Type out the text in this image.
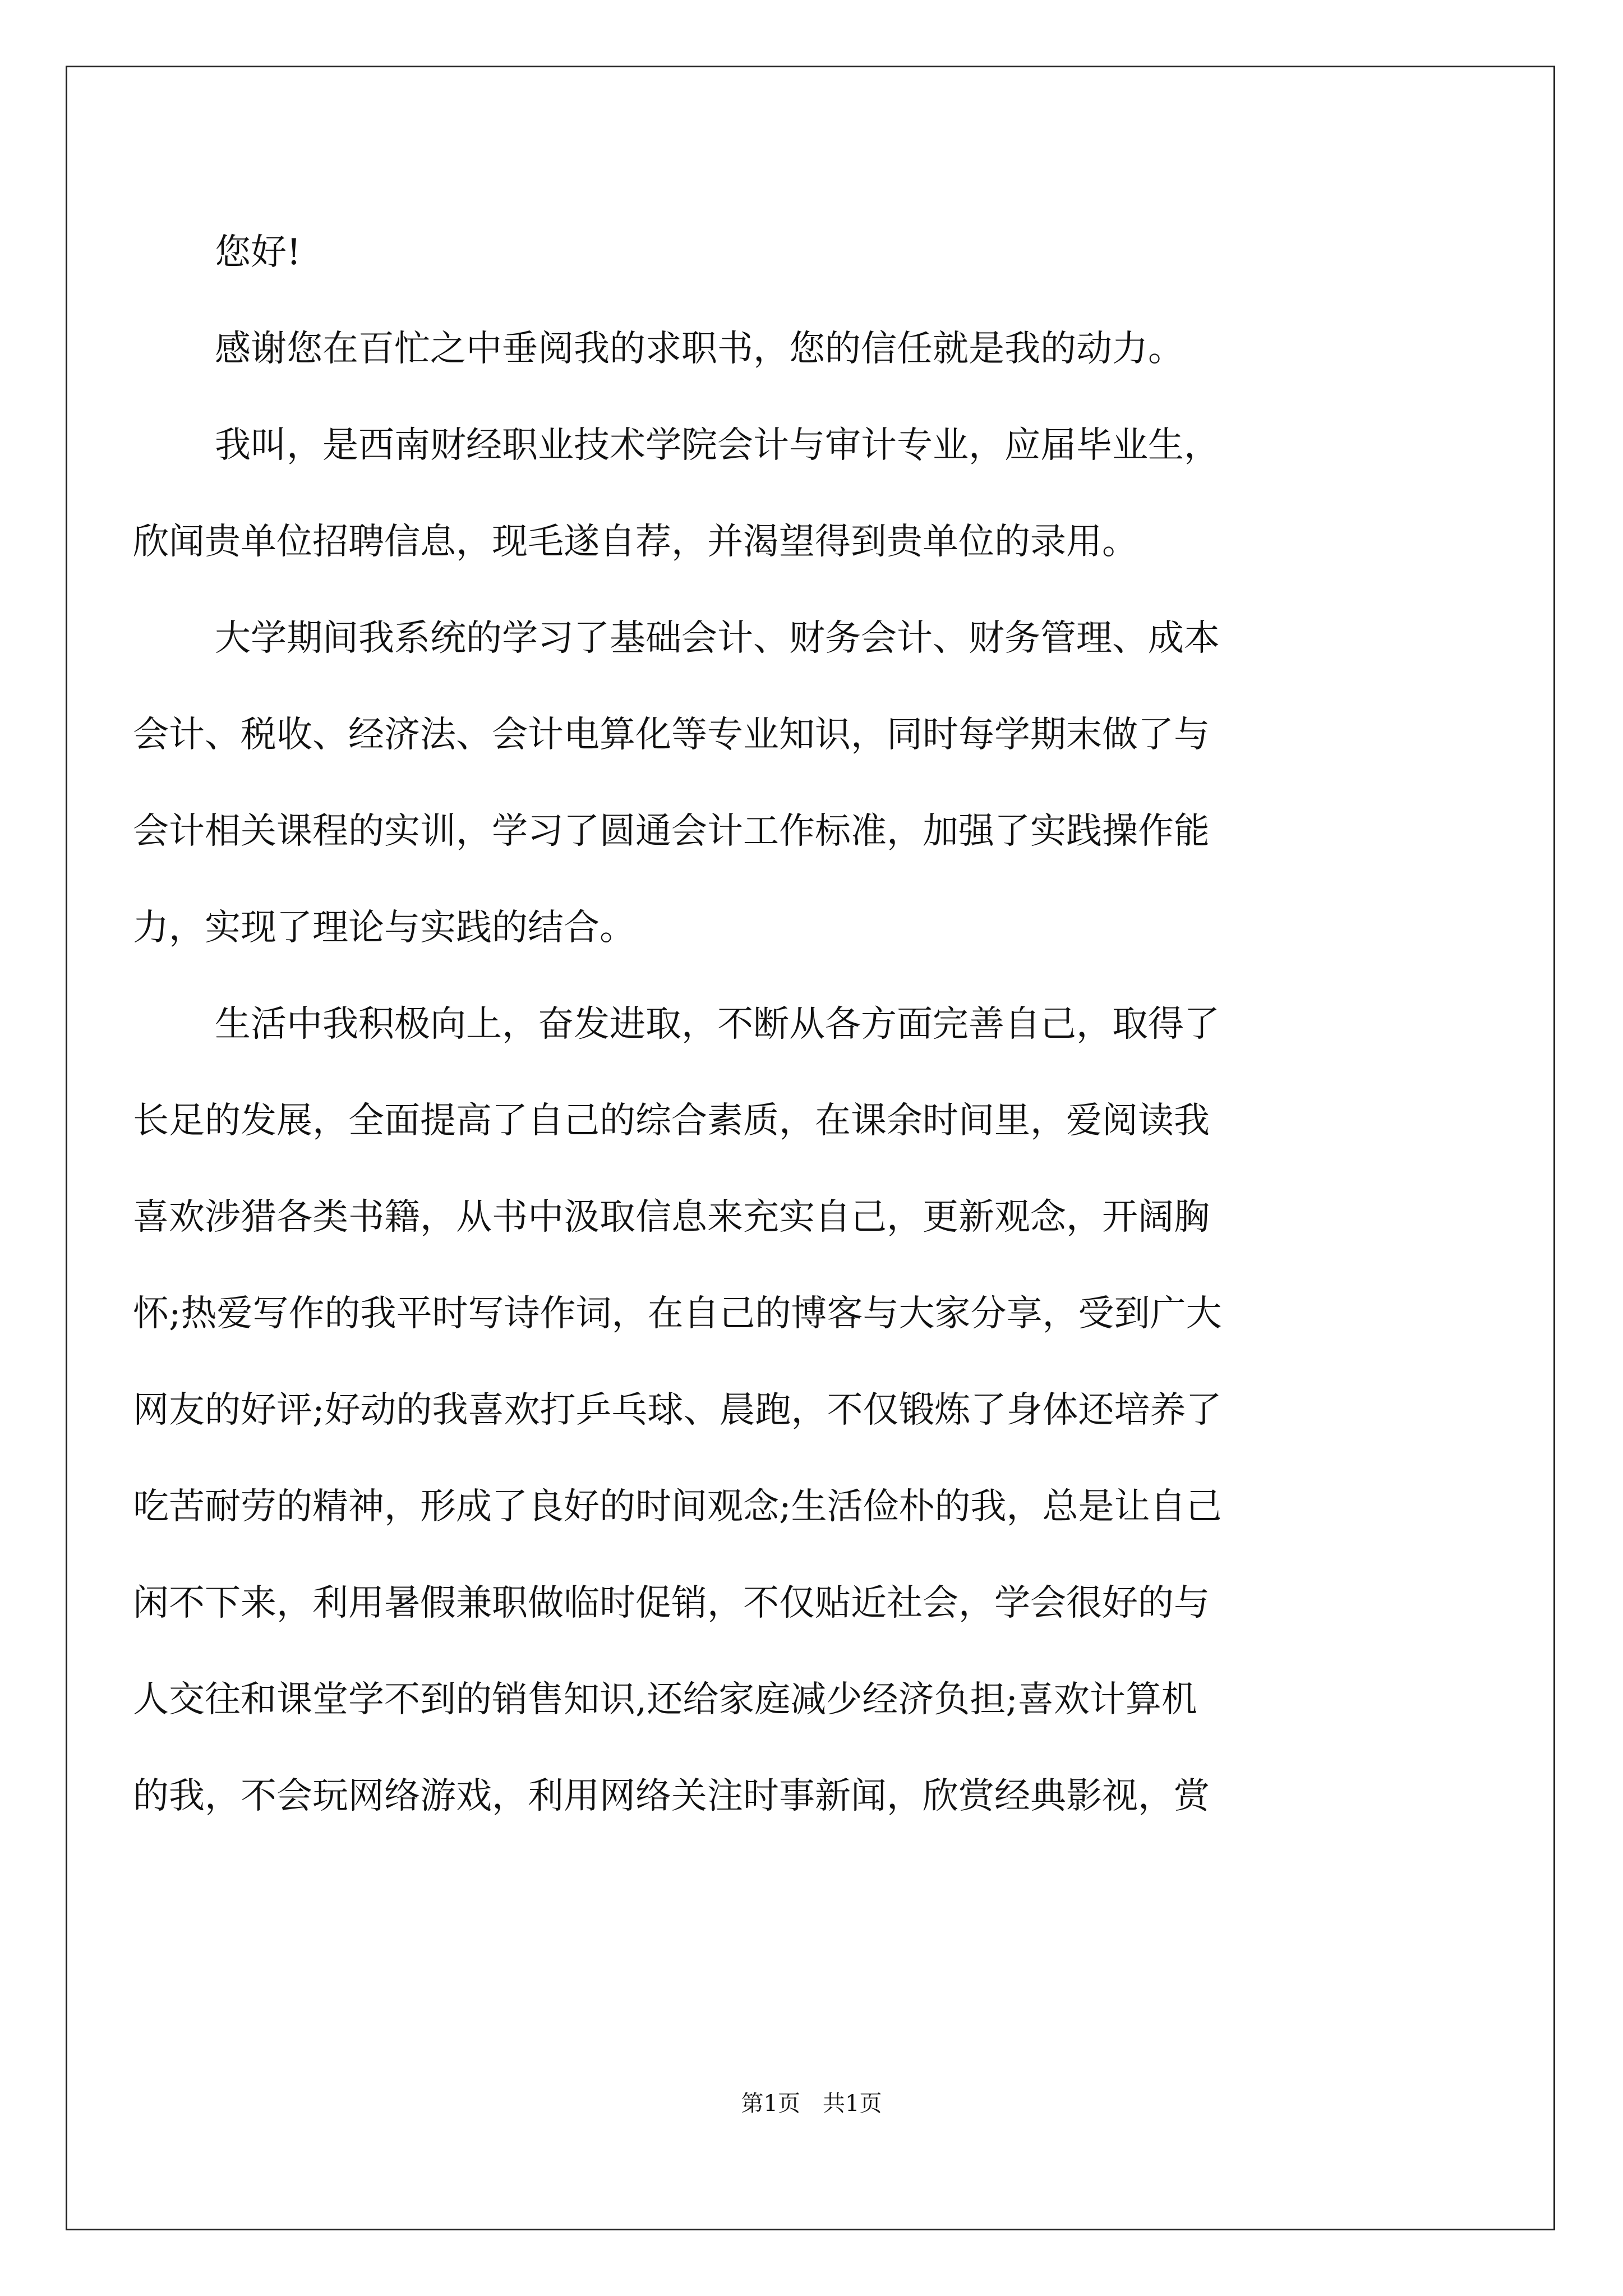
您好!
感谢您在百忙之中垂阅我的求职书，您的信任就是我的动力。
我叫，是西南财经职业技术学院会计与审计专业，应届毕业生，
欣闻贵单位招聘信息，现毛遂自荐，并渴望得到贵单位的录用。
大学期间我系统的学习了基础会计、财务会计、财务管理、成本
会计、税收、经济法、会计电算化等专业知识，同时每学期末做了与
会计相关课程的实训，学习了圆通会计工作标准，加强了实践操作能
力，实现了理论与实践的结合。
生活中我积极向上，奋发进取，不断从各方面完善自己，取得了
长足的发展，全面提高了自己的综合素质，在课余时间里，爱阅读我
喜欢涉猎各类书籍，从书中汲取信息来充实自己，更新观念，开阔胸
怀;热爱写作的我平时写诗作词，在自己的博客与大家分享，受到广大
网友的好评;好动的我喜欢打乒乓球、晨跑，不仅锻炼了身体还培养了
吃苦耐劳的精神，形成了良好的时间观念;生活俭朴的我，总是让自己
闲不下来，利用暑假兼职做临时促销，不仅贴近社会，学会很好的与
人交往和课堂学不到的销售知识,还给家庭减少经济负担;喜欢计算机
的我，不会玩网络游戏，利用网络关注时事新闻，欣赏经典影视，赏
第1页　共1页
